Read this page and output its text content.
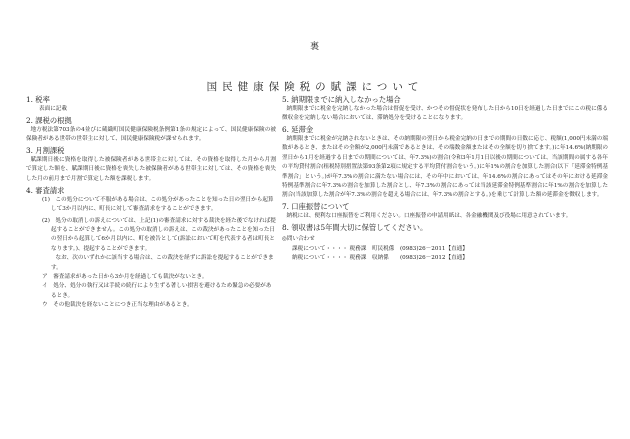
裏
国民健康保険税の賦課について
1. 税率
表面に記載
2. 課税の根拠
地方税法第703条の4並びに蔵織町国民健康保険税条例第1条の規定によって、国民健康保険の被保険者がある世帯の世帯主に対して、国民健康保険税が課せられます。
3. 月割課税
賦課期日後に資格を取得した被保険者がある世帯主に対しては、その資格を取得した月から月割で算定した額を、賦課期日後に資格を喪失した被保険者がある世帯主に対しては、その資格を喪失した月の前月まで月割で算定した額を課税します。
4. 審査請求
(1)　この処分について不服がある場合は、この処分があったことを知った日の翌日から起算して3か月以内に、町長に対して審査請求をすることができます。
(2)　処分の取消しの訴えについては、上記(1)の審査請求に対する裁決を経た後でなければ提起することができません。この処分の取消しの訴えは、この裁決があったことを知った日の翌日から起算して6か月以内に、町を被告として(訴訟において町を代表する者は町長となります。)、提起することができます。
なお、次のいずれかに該当する場合は、この裁決を経ずに訴訟を提起することができます。
ア　審査請求があった日から3か月を経過しても裁決がないとき。
イ　処分、処分の執行又は手続の続行により生ずる著しい損害を避けるため緊急の必要があるとき。
ウ　その他裁決を経ないことにつき正当な理由があるとき。
5. 納期限までに納入しなかった場合
納期限までに税金を完納しなかった場合は督促を受け、かつその督促状を発布した日から10日を経過した日までにこの税に係る徴収金を完納しない場合においては、滞納処分を受けることになります。
6. 延滞金
納期限までに税金が完納されないときは、その納期限の翌日から税金完納の日までの期間の日数に応じ、税額(1,000円未満の端数があるとき、またはその全額が2,000円未満であるときは、その端数金額またはその全額を切り捨てます。)に年14.6%(納期限の翌日から1月を経過する日までの期間については、年7.3%)の割合(令和3年1月1日以後の期間については、当該期間の属する各年の平均貸付割合(租税特別措置法第93条第2項に規定する平均貸付割合をいう。)に年1%の割合を加算した割合(以下「延滞金特例基準割合」という。)が年7.3%の割合に満たない場合には、その年中においては、年14.6%の割合にあってはその年における延滞金特例基準割合に年7.3%の割合を加算した割合とし、年7.3%の割合にあっては当該延滞金特例基準割合に年1%の割合を加算した割合(当該加算した割合が年7.3%の割合を超える場合には、年7.3%の割合とする。)を乗じて計算した額の延滞金を徴収します。
7. 口座振替について
納税には、便利な口座振替をご利用ください。口座振替の申請用紙は、各金融機関及び役場に用意されています。
8. 領収書は5年間大切に保管してください。
◎問い合わせ
課税について・・・・ 税務課　町民税係　(0983)26－2011【直通】
納税について・・・・ 税務課　収納係　　(0983)26－2012【直通】
